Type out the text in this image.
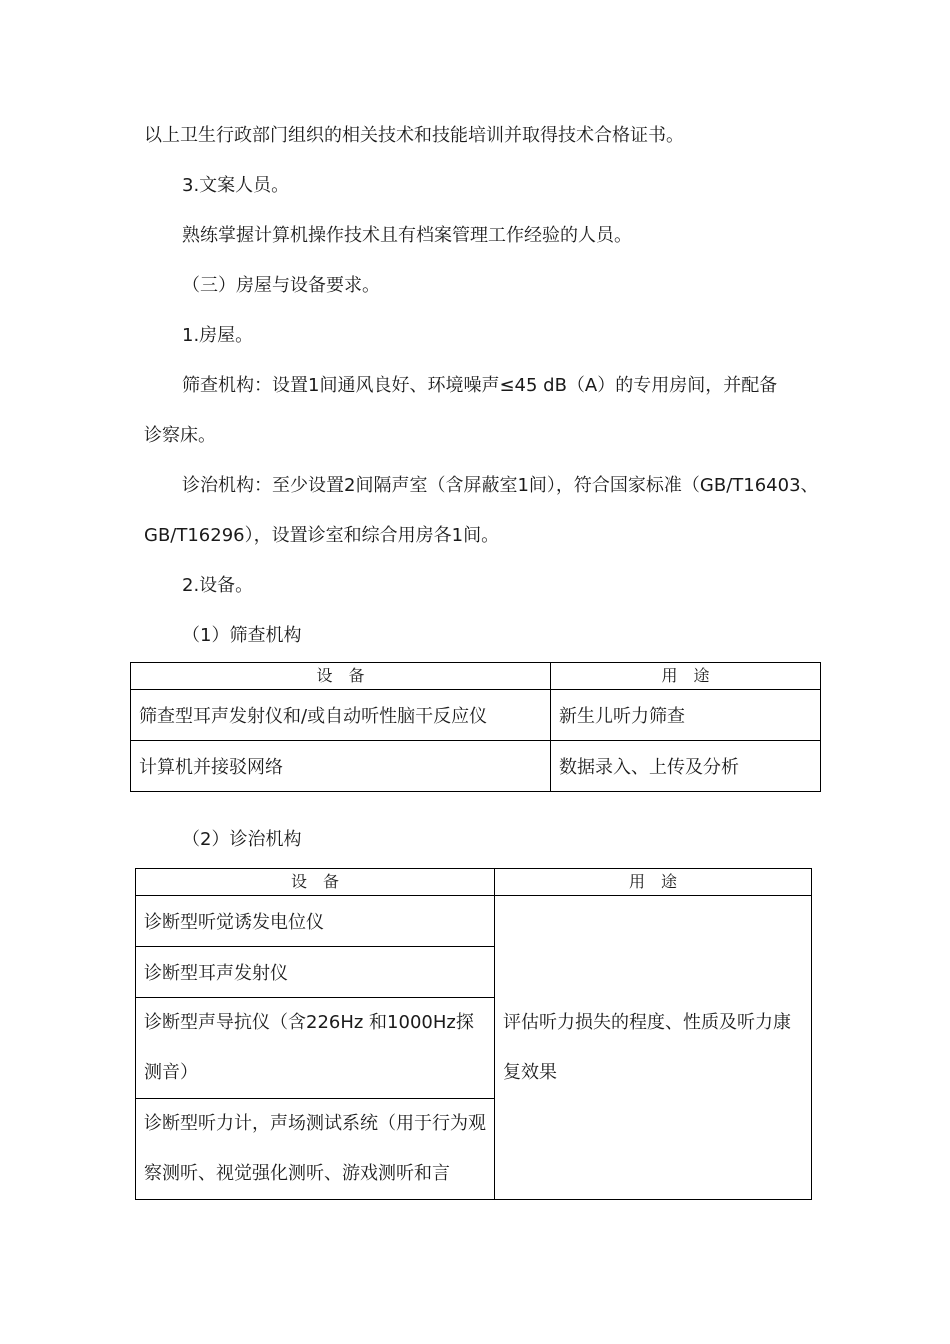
以上卫生行政部门组织的相关技术和技能培训并取得技术合格证书。
3.文案人员。
熟练掌握计算机操作技术且有档案管理工作经验的人员。
（三）房屋与设备要求。
1.房屋。
筛查机构：设置1间通风良好、环境噪声≤45 dB（A）的专用房间，并配备
诊察床。
诊治机构：至少设置2间隔声室（含屏蔽室1间），符合国家标准（GB/T16403、
GB/T16296），设置诊室和综合用房各1间。
2.设备。
（1）筛查机构
设　备	用　途
筛查型耳声发射仪和/或自动听性脑干反应仪	新生儿听力筛查
计算机并接驳网络	数据录入、上传及分析
（2）诊治机构
设　备	用　途
诊断型听觉诱发电位仪	评估听力损失的程度、性质及听力康复效果
诊断型耳声发射仪	
诊断型声导抗仪（含226Hz 和1000Hz探测音）	
诊断型听力计，声场测试系统（用于行为观察测听、视觉强化测听、游戏测听和言	
